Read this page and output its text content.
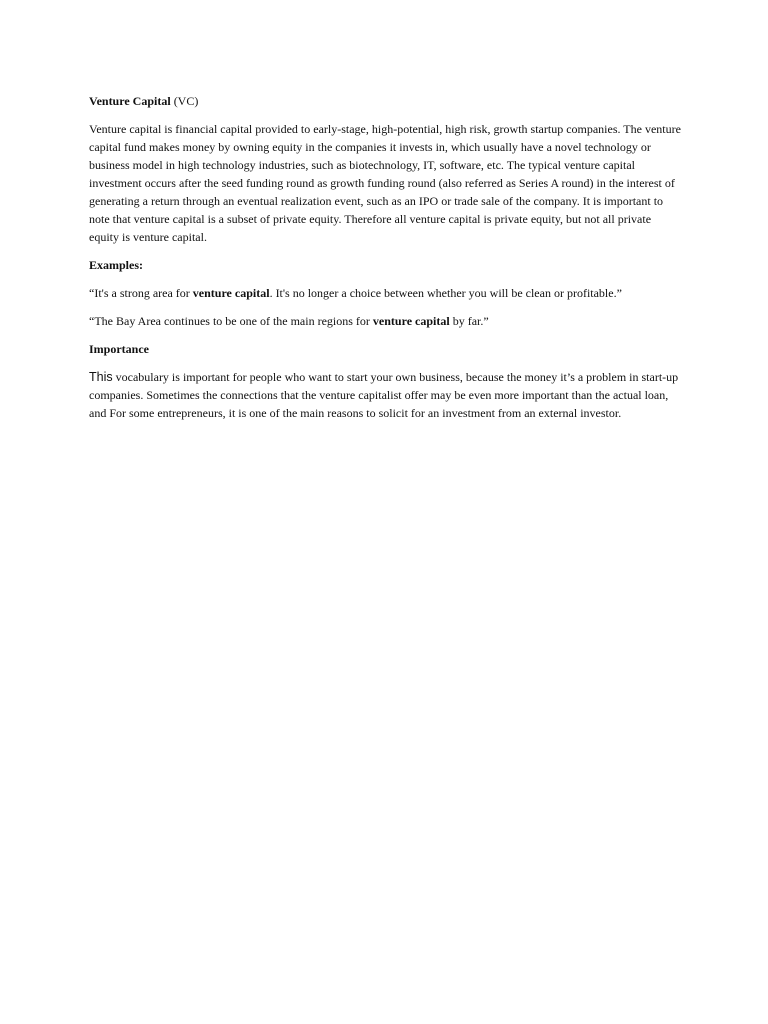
Venture Capital (VC)

Venture capital is financial capital provided to early-stage, high-potential, high risk, growth startup companies. The venture capital fund makes money by owning equity in the companies it invests in, which usually have a novel technology or business model in high technology industries, such as biotechnology, IT, software, etc. The typical venture capital investment occurs after the seed funding round as growth funding round (also referred as Series A round) in the interest of generating a return through an eventual realization event, such as an IPO or trade sale of the company. It is important to note that venture capital is a subset of private equity. Therefore all venture capital is private equity, but not all private equity is venture capital.

Examples:

“It's a strong area for venture capital. It's no longer a choice between whether you will be clean or profitable.”

“The Bay Area continues to be one of the main regions for venture capital by far.”

Importance

This vocabulary is important for people who want to start your own business, because the money it’s a problem in start-up companies. Sometimes the connections that the venture capitalist offer may be even more important than the actual loan, and For some entrepreneurs, it is one of the main reasons to solicit for an investment from an external investor.
